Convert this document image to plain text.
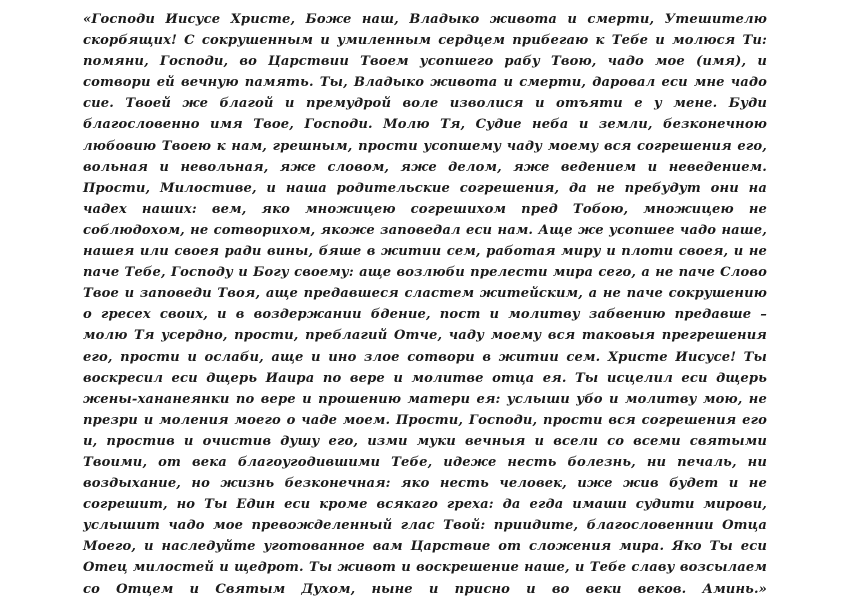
«Господи Иисусе Христе, Боже наш, Владыко живота и смерти, Утешителю скорбящих! С сокрушенным и умиленным сердцем прибегаю к Тебе и молюся Ти: помяни, Господи, во Царствии Твоем усопшего рабу Твою, чадо мое (имя), и сотвори ей вечную память. Ты, Владыко живота и смерти, даровал еси мне чадо сие. Твоей же благой и премудрой воле изволися и отъяти е у мене. Буди благословенно имя Твое, Господи. Молю Тя, Судие неба и земли, безконечною любовию Твоею к нам, грешным, прости усопшему чаду моему вся согрешения его, вольная и невольная, яже словом, яже делом, яже ведением и неведением. Прости, Милостиве, и наша родительские согрешения, да не пребудут они на чадех наших: вем, яко множицею согрешихом пред Тобою, множицею не соблюдохом, не сотворихом, якоже заповедал еси нам. Аще же усопшее чадо наше, нашея или своея ради вины, бяше в житии сем, работая миру и плоти своея, и не паче Тебе, Господу и Богу своему: аще возлюби прелести мира сего, а не паче Слово Твое и заповеди Твоя, аще предавшеся сластем житейским, а не паче сокрушению о гресех своих, и в воздержании бдение, пост и молитву забвению предавше – молю Тя усердно, прости, преблагий Отче, чаду моему вся таковыя прегрешения его, прости и ослаби, аще и ино злое сотвори в житии сем. Христе Иисусе! Ты воскресил еси дщерь Иаира по вере и молитве отца ея. Ты исцелил еси дщерь жены-хананеянки по вере и прошению матери ея: услыши убо и молитву мою, не презри и моления моего о чаде моем. Прости, Господи, прости вся согрешения его и, простив и очистив душу его, изми муки вечныя и всели со всеми святыми Твоими, от века благоугодившими Тебе, идеже несть болезнь, ни печаль, ни воздыхание, но жизнь безконечная: яко несть человек, иже жив будет и не согрешит, но Ты Един еси кроме всякаго греха: да егда имаши судити мирови, услышит чадо мое превожделенный глас Твой: приидите, благословеннии Отца Моего, и наследуйте уготованное вам Царствие от сложения мира. Яко Ты еси Отец милостей и щедрот. Ты живот и воскрешение наше, и Тебе славу возсылаем со Отцем и Святым Духом, ныне и присно и во веки веков. Аминь.»
